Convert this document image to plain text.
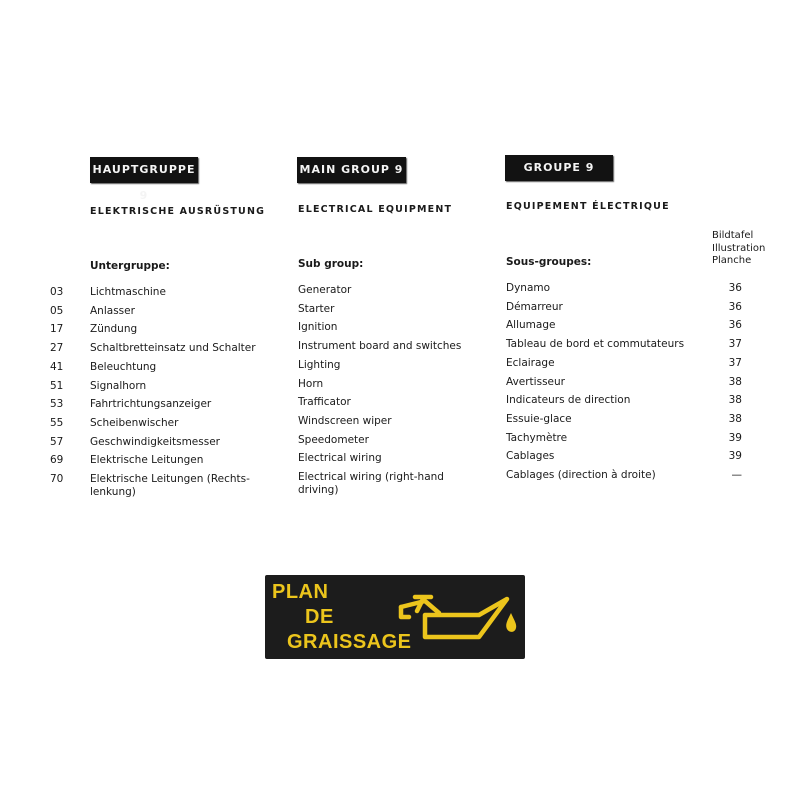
HAUPTGRUPPE 9
ELEKTRISCHE AUSRÜSTUNG
Untergruppe:
03	Lichtmaschine
05	Anlasser
17	Zündung
27	Schaltbretteinsatz und Schalter
41	Beleuchtung
51	Signalhorn
53	Fahrtrichtungsanzeiger
55	Scheibenwischer
57	Geschwindigkeitsmesser
69	Elektrische Leitungen
70	Elektrische Leitungen (Rechts-
lenkung)
MAIN GROUP 9
ELECTRICAL EQUIPMENT
Sub group:
Generator
Starter
Ignition
Instrument board and switches
Lighting
Horn
Trafficator
Windscreen wiper
Speedometer
Electrical wiring
Electrical wiring (right-hand
driving)
GROUPE 9
EQUIPEMENT ÉLECTRIQUE
Bildtafel
Illustration
Planche
Sous-groupes:
Dynamo	36
Démarreur	36
Allumage	36
Tableau de bord et commutateurs	37
Eclairage	37
Avertisseur	38
Indicateurs de direction	38
Essuie-glace	38
Tachymètre	39
Cablages	39
Cablages (direction à droite)	—
PLAN
DE
GRAISSAGE
